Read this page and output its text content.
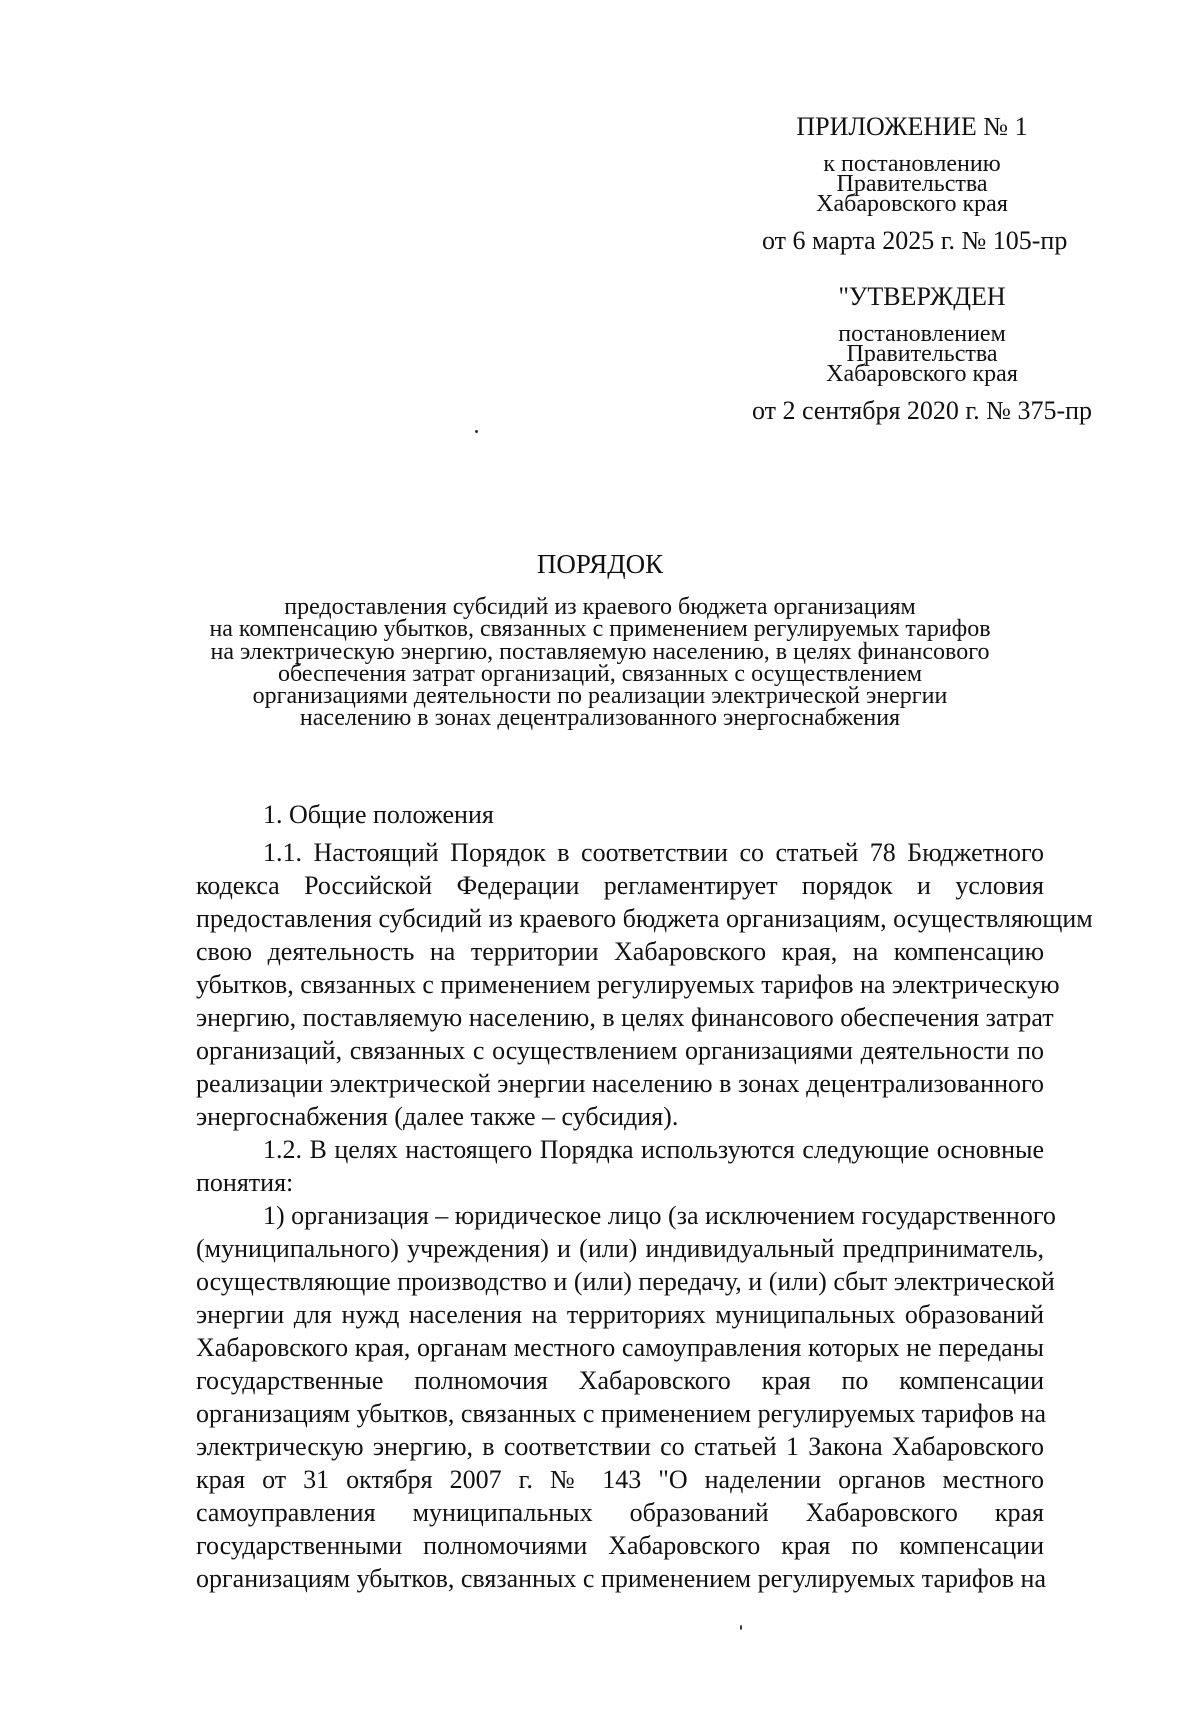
ПРИЛОЖЕНИЕ № 1
к постановлению
Правительства
Хабаровского края
от 6 марта 2025 г. № 105-пр
"УТВЕРЖДЕН
постановлением
Правительства
Хабаровского края
от 2 сентября 2020 г. № 375-пр
ПОРЯДОК
предоставления субсидий из краевого бюджета организациям
на компенсацию убытков, связанных с применением регулируемых тарифов
на электрическую энергию, поставляемую населению, в целях финансового
обеспечения затрат организаций, связанных с осуществлением
организациями деятельности по реализации электрической энергии
населению в зонах децентрализованного энергоснабжения
1. Общие положения
1.1. Настоящий Порядок в соответствии со статьей 78 Бюджетного
кодекса Российской Федерации регламентирует порядок и условия
предоставления субсидий из краевого бюджета организациям, осуществляющим
свою деятельность на территории Хабаровского края, на компенсацию
убытков, связанных с применением регулируемых тарифов на электрическую
энергию, поставляемую населению, в целях финансового обеспечения затрат
организаций, связанных с осуществлением организациями деятельности по
реализации электрической энергии населению в зонах децентрализованного
энергоснабжения (далее также – субсидия).
1.2. В целях настоящего Порядка используются следующие основные
понятия:
1) организация – юридическое лицо (за исключением государственного
(муниципального) учреждения) и (или) индивидуальный предприниматель,
осуществляющие производство и (или) передачу, и (или) сбыт электрической
энергии для нужд населения на территориях муниципальных образований
Хабаровского края, органам местного самоуправления которых не переданы
государственные полномочия Хабаровского края по компенсации
организациям убытков, связанных с применением регулируемых тарифов на
электрическую энергию, в соответствии со статьей 1 Закона Хабаровского
края от 31 октября 2007 г. № 143 "О наделении органов местного
самоуправления муниципальных образований Хабаровского края
государственными полномочиями Хабаровского края по компенсации
организациям убытков, связанных с применением регулируемых тарифов на
